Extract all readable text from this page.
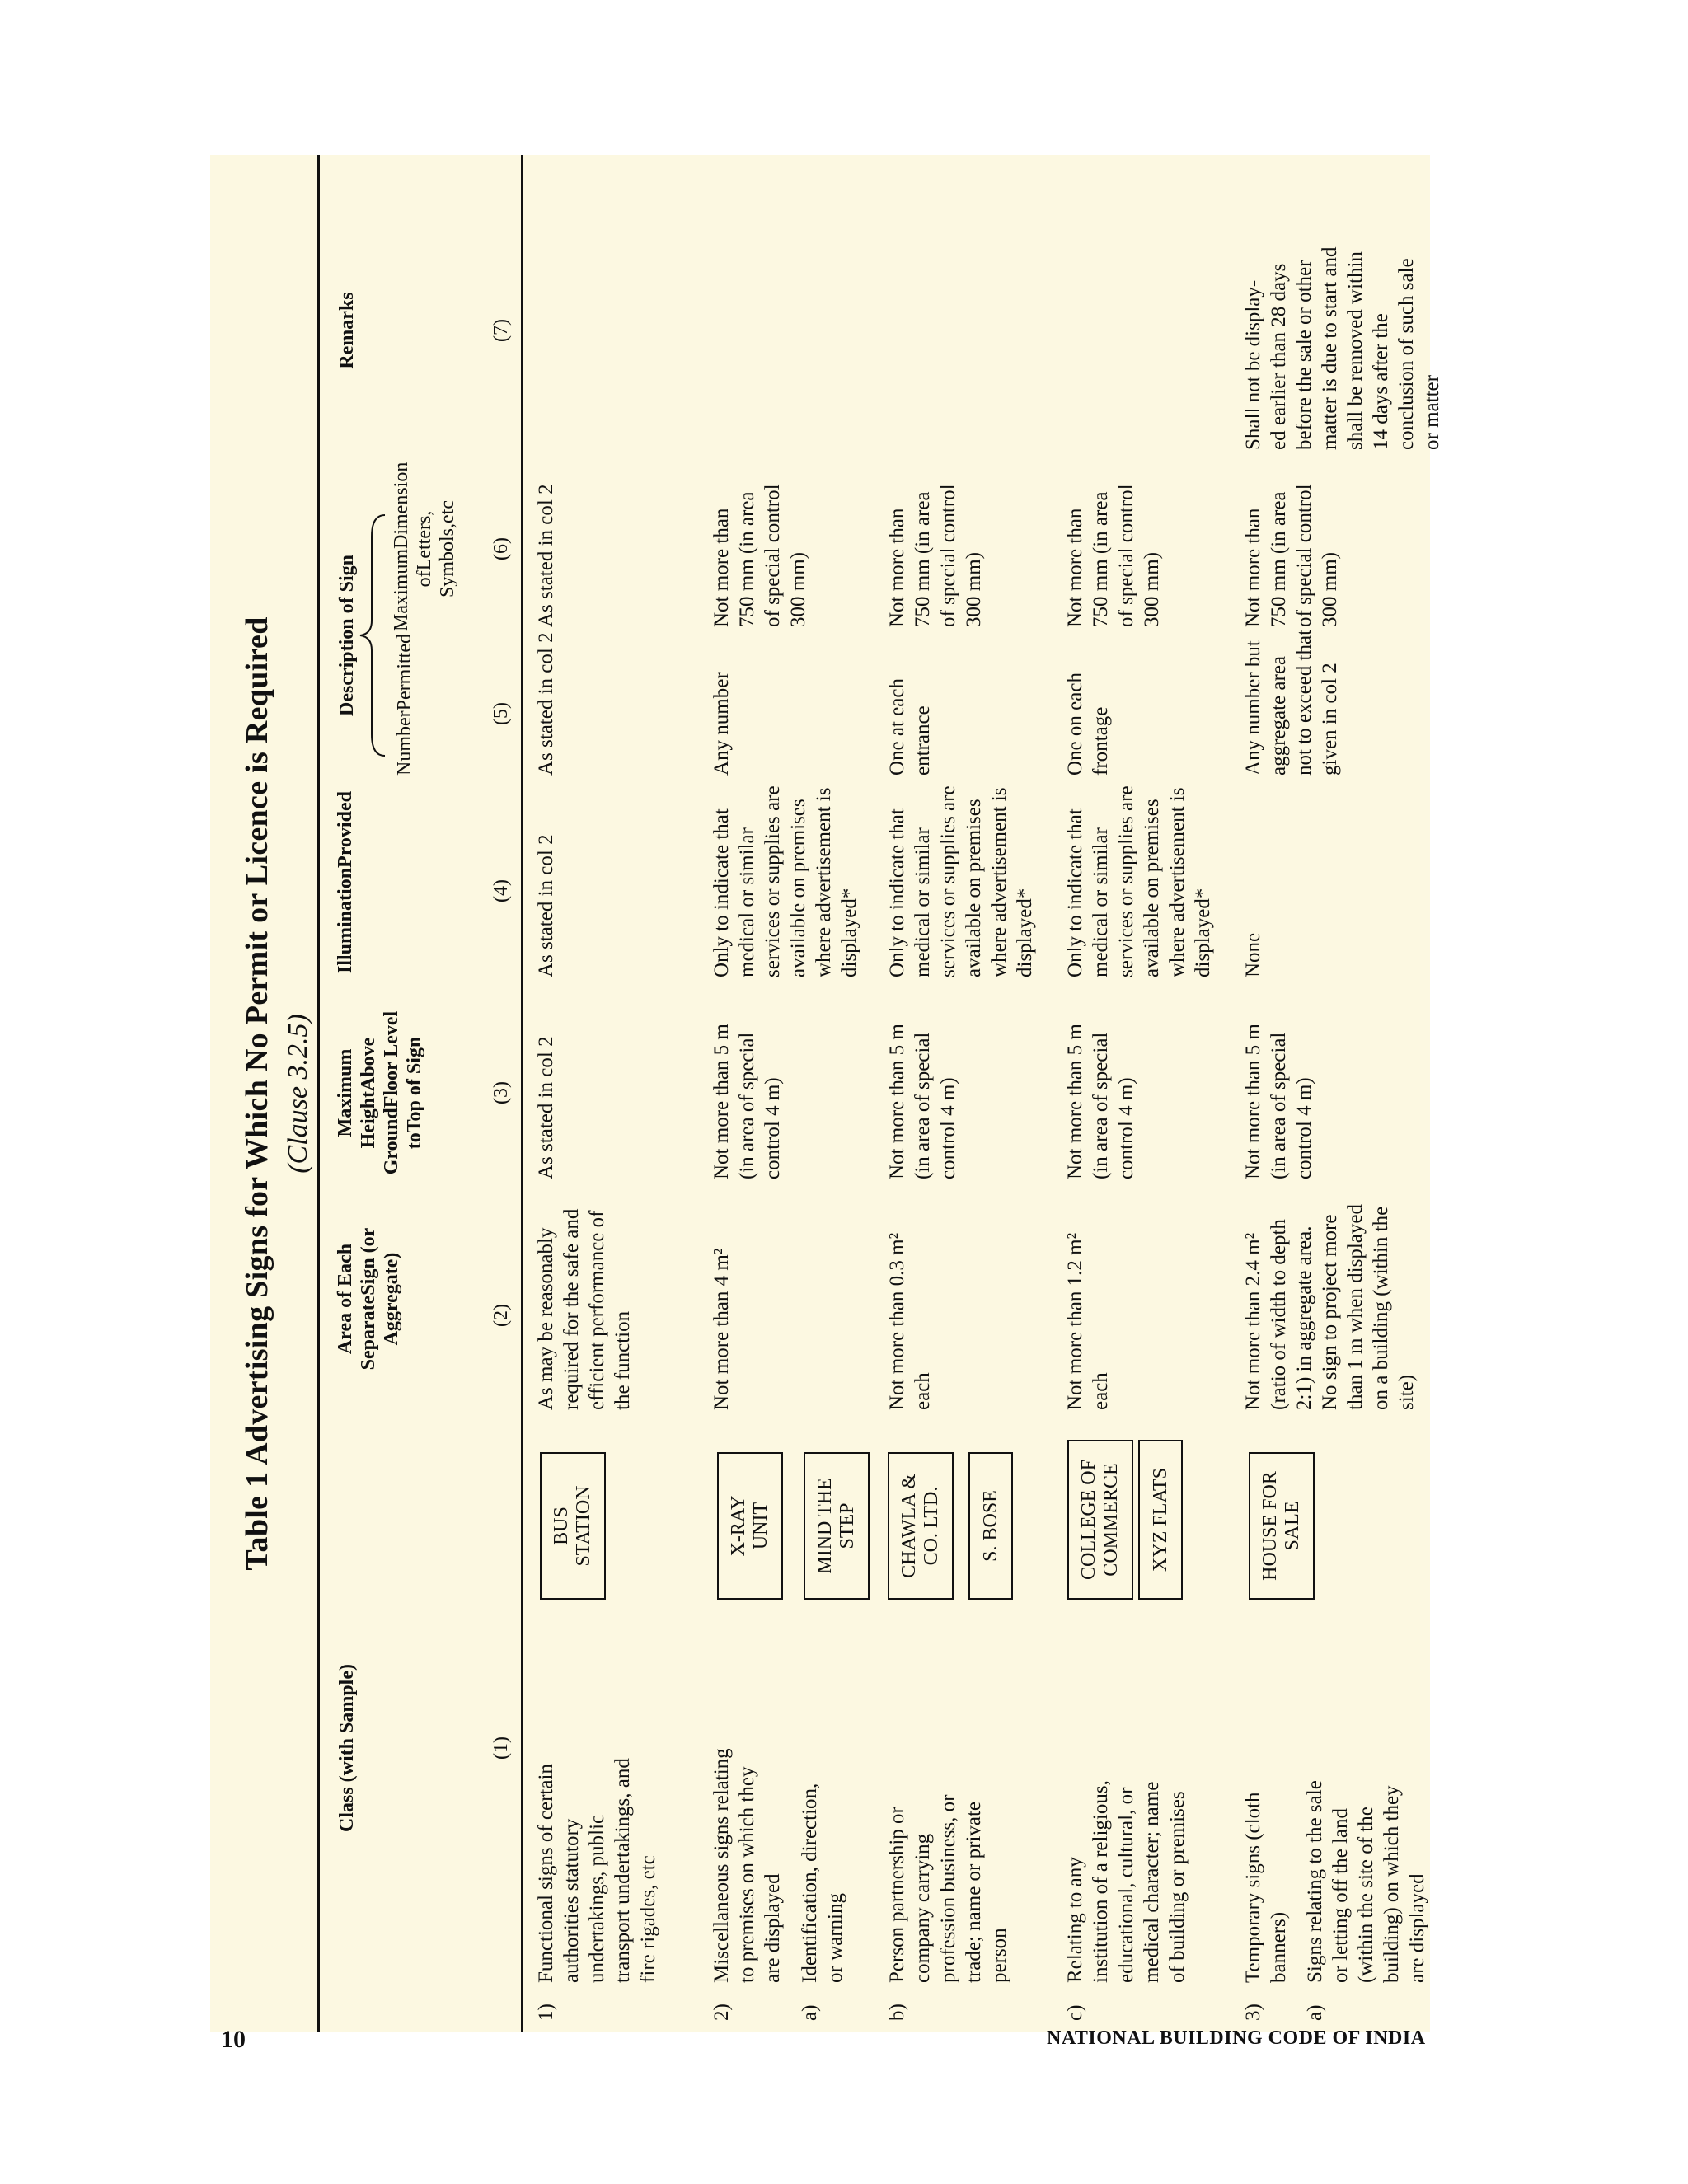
Table 1 Advertising Signs for Which No Permit or Licence is Required (Clause 3.2.5)
Class (with Sample)
Area of Each SeparateSign (or Aggregate)
Maximum HeightAbove GroundFloor Level toTop of Sign
IlluminationProvided
Description of Sign
Remarks
NumberPermitted
MaximumDimension ofLetters, Symbols,etc
(1)
(2)
(3)
(4)
(5)
(6)
(7)
1)
Functional signs of certain authorities statutory undertakings, public transport undertakings, and fire rigades, etc
BUS STATION
As may be reasonably required for the safe and efficient performance of the function
As stated in col 2
As stated in col 2
As stated in col 2
As stated in col 2
2)
Miscellaneous signs relating to premises on which they are displayed
X-RAY UNIT
Not more than 4 m²
Not more than 5 m (in area of special control 4 m)
Only to indicate that medical or similar services or supplies are available on premises where advertisement is displayed*
Any number
Not more than 750 mm (in area of special control 300 mm)
a)
Identification, direction, or warning
MIND THE STEP
b)
Person partnership or company carrying profession business, or trade; name or private person
CHAWLA & CO. LTD. S. BOSE
Not more than 0.3 m² each
Not more than 5 m (in area of special control 4 m)
Only to indicate that medical or similar services or supplies are available on premises where advertisement is displayed*
One at each entrance
Not more than 750 mm (in area of special control 300 mm)
c)
Relating to any institution of a religious, educational, cultural, or medical character; name of building or premises
COLLEGE OF COMMERCE XYZ FLATS
Not more than 1.2 m² each
Not more than 5 m (in area of special control 4 m)
Only to indicate that medical or similar services or supplies are available on premises where advertisement is displayed*
One on each frontage
Not more than 750 mm (in area of special control 300 mm)
3)
Temporary signs (cloth banners)
HOUSE FOR SALE
Not more than 2.4 m² (ratio of width to depth 2:1) in aggregate area. No sign to project more than 1 m when displayed on a building (within the site)
Not more than 5 m (in area of special control 4 m)
None
Any number but aggregate area not to exceed that given in col 2
Not more than 750 mm (in area of special control 300 mm)
Shall not be display- ed earlier than 28 days before the sale or other matter is due to start and shall be removed within 14 days after the conclusion of such sale or matter
a)
Signs relating to the sale or letting off the land (within the site of the building) on which they are displayed
10	NATIONAL BUILDING CODE OF INDIA
